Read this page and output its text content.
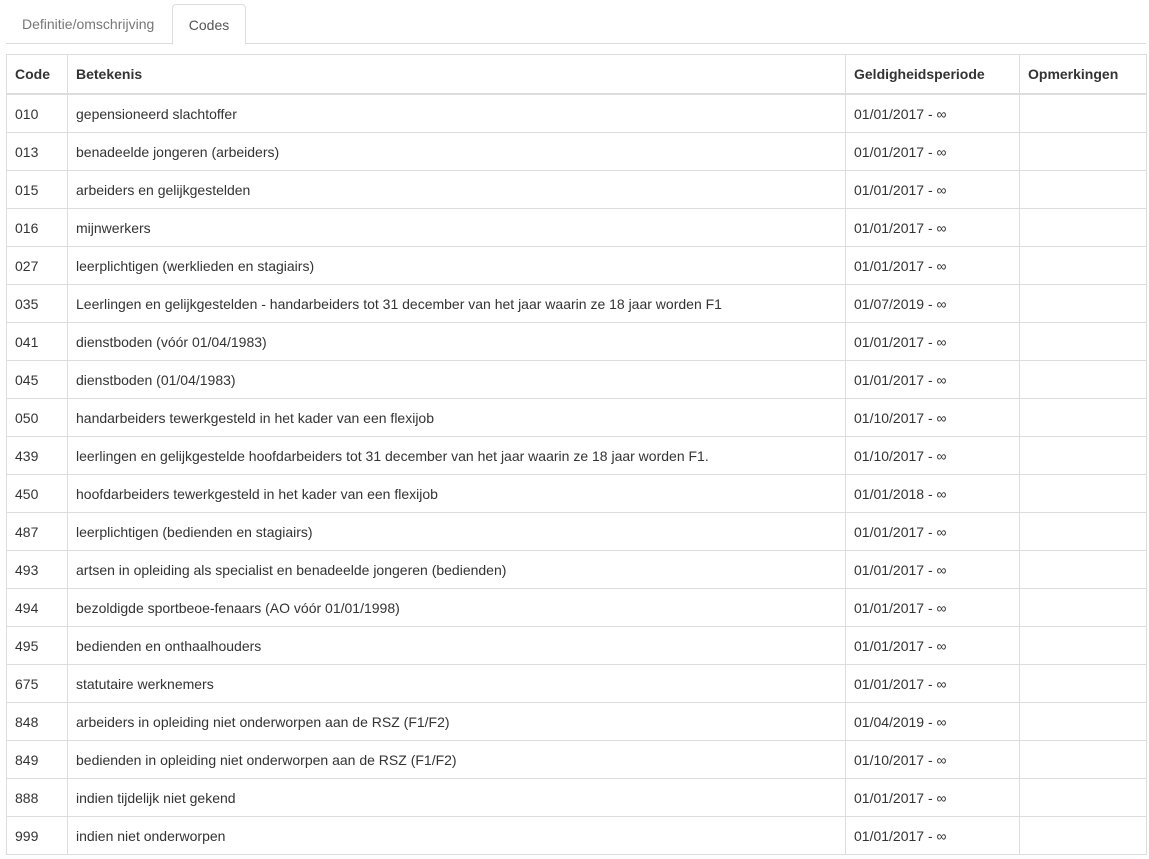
Definitie/omschrijving	Codes
Code	Betekenis	Geldigheidsperiode	Opmerkingen
010	gepensioneerd slachtoffer	01/01/2017 - ∞	
013	benadeelde jongeren (arbeiders)	01/01/2017 - ∞	
015	arbeiders en gelijkgestelden	01/01/2017 - ∞	
016	mijnwerkers	01/01/2017 - ∞	
027	leerplichtigen (werklieden en stagiairs)	01/01/2017 - ∞	
035	Leerlingen en gelijkgestelden - handarbeiders tot 31 december van het jaar waarin ze 18 jaar worden F1	01/07/2019 - ∞	
041	dienstboden (vóór 01/04/1983)	01/01/2017 - ∞	
045	dienstboden (01/04/1983)	01/01/2017 - ∞	
050	handarbeiders tewerkgesteld in het kader van een flexijob	01/10/2017 - ∞	
439	leerlingen en gelijkgestelde hoofdarbeiders tot 31 december van het jaar waarin ze 18 jaar worden F1.	01/10/2017 - ∞	
450	hoofdarbeiders tewerkgesteld in het kader van een flexijob	01/01/2018 - ∞	
487	leerplichtigen (bedienden en stagiairs)	01/01/2017 - ∞	
493	artsen in opleiding als specialist en benadeelde jongeren (bedienden)	01/01/2017 - ∞	
494	bezoldigde sportbeoe-fenaars (AO vóór 01/01/1998)	01/01/2017 - ∞	
495	bedienden en onthaalhouders	01/01/2017 - ∞	
675	statutaire werknemers	01/01/2017 - ∞	
848	arbeiders in opleiding niet onderworpen aan de RSZ (F1/F2)	01/04/2019 - ∞	
849	bedienden in opleiding niet onderworpen aan de RSZ (F1/F2)	01/10/2017 - ∞	
888	indien tijdelijk niet gekend	01/01/2017 - ∞	
999	indien niet onderworpen	01/01/2017 - ∞	
